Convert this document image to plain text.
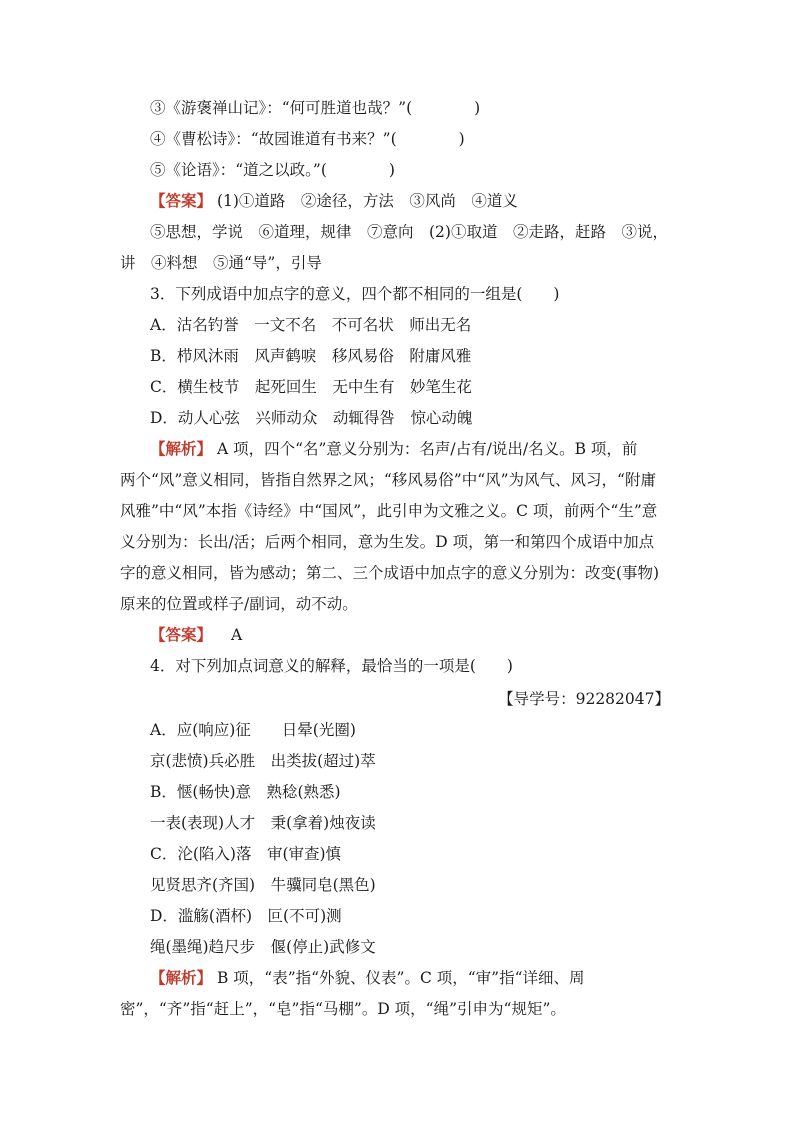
③《游褒禅山记》：“何可胜道也哉？”(　　　　)
④《曹松诗》：“故园谁道有书来？”(　　　　)
⑤《论语》：“道之以政。”(　　　　)
【答案】 (1)①道路　②途径，方法　③风尚　④道义
⑤思想，学说　⑥道理，规律　⑦意向　(2)①取道　②走路，赶路　③说，
讲　④料想　⑤通“导”，引导
3．下列成语中加点字的意义，四个都不相同的一组是(　　)
A．沽名钓誉　一文不名　不可名状　师出无名
B．栉风沐雨　风声鹤唳　移风易俗　附庸风雅
C．横生枝节　起死回生　无中生有　妙笔生花
D．动人心弦　兴师动众　动辄得咎　惊心动魄
【解析】 A 项，四个“名”意义分别为：名声/占有/说出/名义。B 项，前
两个“风”意义相同，皆指自然界之风；“移风易俗”中“风”为风气、风习，“附庸
风雅”中“风”本指《诗经》中“国风”，此引申为文雅之义。C 项，前两个“生”意
义分别为：长出/活；后两个相同，意为生发。D 项，第一和第四个成语中加点
字的意义相同，皆为感动；第二、三个成语中加点字的意义分别为：改变(事物)
原来的位置或样子/副词，动不动。
【答案】 A
4．对下列加点词意义的解释，最恰当的一项是(　　)
【导学号：92282047】
A．应(响应)征　　日晕(光圈)
京(悲愤)兵必胜　出类拔(超过)萃
B．惬(畅快)意　熟稔(熟悉)
一表(表现)人才　秉(拿着)烛夜读
C．沦(陷入)落　审(审查)慎
见贤思齐(齐国)　牛骥同皂(黑色)
D．滥觞(酒杯)　叵(不可)测
绳(墨绳)趋尺步　偃(停止)武修文
【解析】 B 项，“表”指“外貌、仪表”。C 项，“审”指“详细、周
密”，“齐”指“赶上”，“皂”指“马棚”。D 项，“绳”引申为“规矩”。
